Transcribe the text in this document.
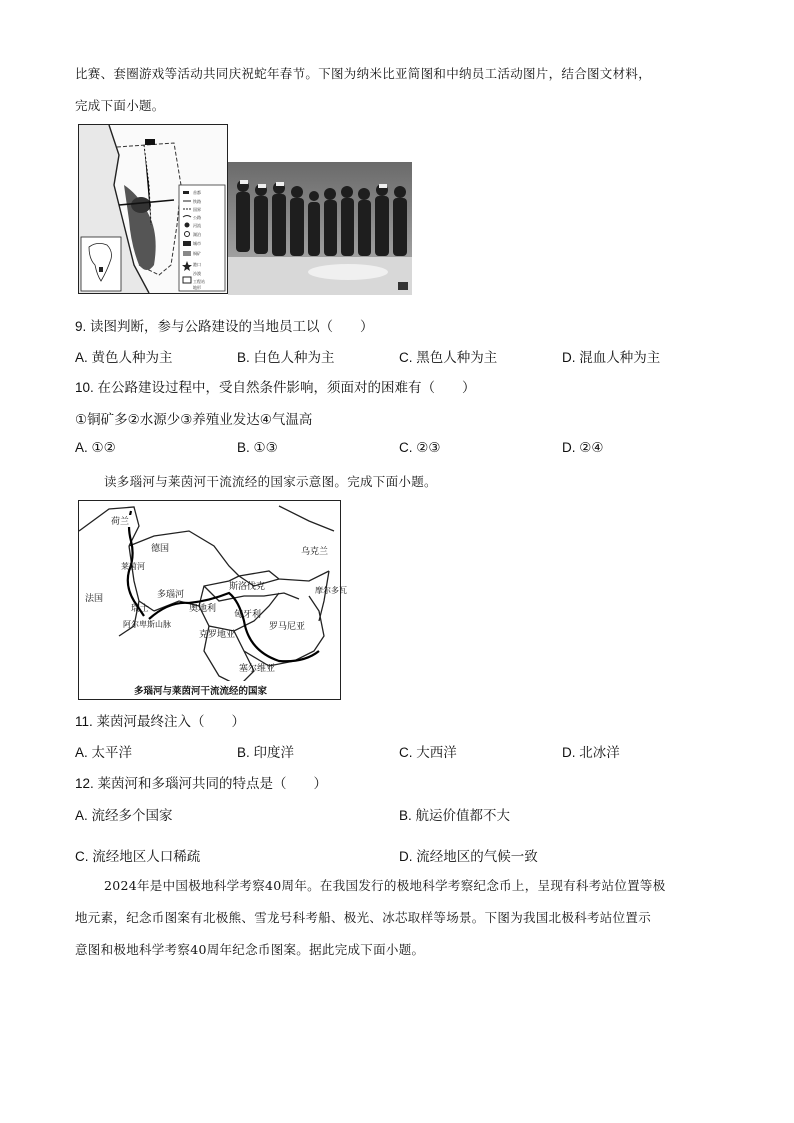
比赛、套圈游戏等活动共同庆祝蛇年春节。下图为纳米比亚简图和中纳员工活动图片，结合图文材料，
完成下面小题。
首都
铁路
国界
公路
河流
湖泊
城市
铜矿
港口
沙漠
工程站
地形
9. 读图判断，参与公路建设的当地员工以（　　）
A. 黄色人种为主	B. 白色人种为主	C. 黑色人种为主	D. 混血人种为主
10. 在公路建设过程中，受自然条件影响，须面对的困难有（　　）
①铜矿多②水源少③养殖业发达④气温高
A. ①②	B. ①③	C. ②③	D. ②④
读多瑙河与莱茵河干流流经的国家示意图。完成下面小题。
荷兰
德国	乌克兰
莱茵河
斯洛伐克
多瑙河
法国
奥地利
瑞士
阿尔卑斯山脉
匈牙利
摩尔多瓦
罗马尼亚
克罗地亚
塞尔维亚
多瑙河与莱茵河干流流经的国家
11. 莱茵河最终注入（　　）
A. 太平洋	B. 印度洋	C. 大西洋	D. 北冰洋
12. 莱茵河和多瑙河共同的特点是（　　）
A. 流经多个国家	B. 航运价值都不大
C. 流经地区人口稀疏	D. 流经地区的气候一致
2024年是中国极地科学考察40周年。在我国发行的极地科学考察纪念币上，呈现有科考站位置等极
地元素，纪念币图案有北极熊、雪龙号科考船、极光、冰芯取样等场景。下图为我国北极科考站位置示
意图和极地科学考察40周年纪念币图案。据此完成下面小题。
